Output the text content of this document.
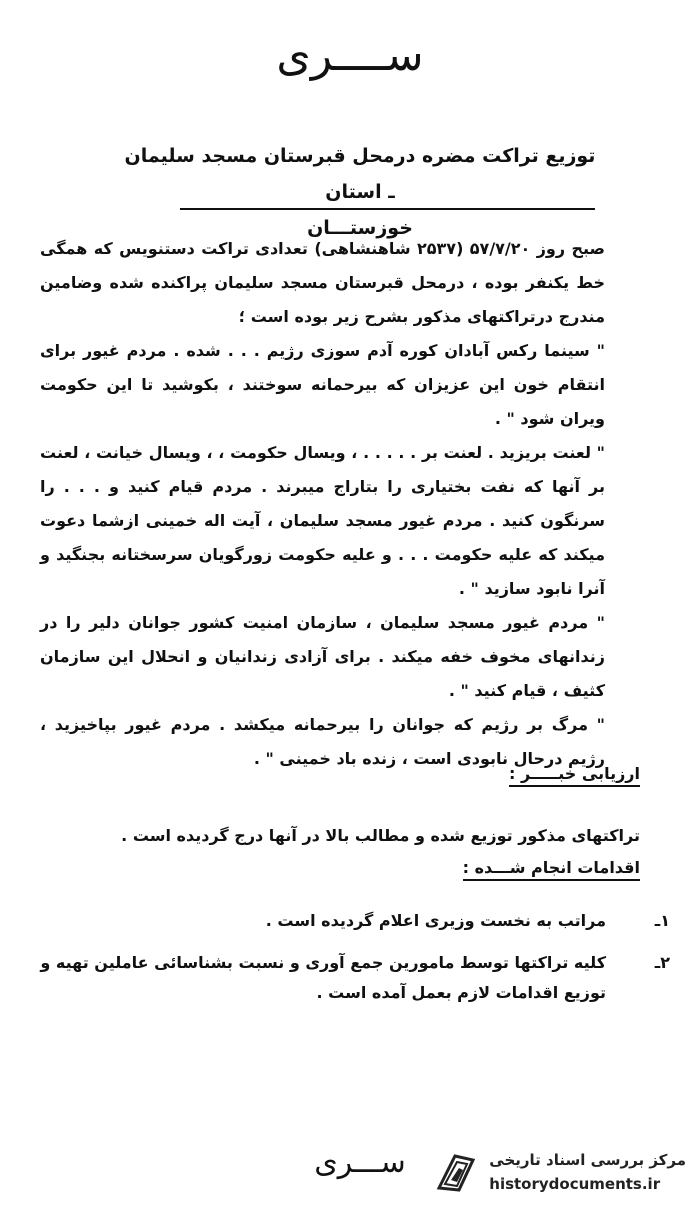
ســــری
توزیع تراکت مضره درمحل قبرستان مسجد سلیمان ـ استان
خوزستـــان

صبح روز ۵۷/۷/۲۰ (۲۵۳۷ شاهنشاهی) تعدادی تراکت دستنویس که همگی خط یکنفر بوده ، درمحل قبرستان مسجد سلیمان پراکنده شده وضامین مندرج درتراکتهای مذکور بشرح زیر بوده است ؛

" سینما رکس آبادان کوره آدم سوزی رژیم . . . شده . مردم غیور برای انتقام خون این عزیزان که بیرحمانه سوختند ، بکوشید تا این حکومت ویران شود " .

" لعنت بریزید . لعنت بر . . . . . ، ویسال حکومت ، ، ویسال خیانت ، لعنت بر آنها که نفت بختیاری را بتاراج میبرند . مردم قیام کنید و . . . را سرنگون کنید . مردم غیور مسجد سلیمان ، آیت اله خمینی ازشما دعوت میکند که علیه حکومت . . . و علیه حکومت زورگویان سرسختانه بجنگید و آنرا نابود سازید " .

" مردم غیور مسجد سلیمان ، سازمان امنیت کشور جوانان دلیر را در زندانهای مخوف خفه میکند . برای آزادی زندانیان و انحلال این سازمان کثیف ، قیام کنید " .

" مرگ بر رژیم که جوانان را بیرحمانه میکشد . مردم غیور بپاخیزید ، رژیم درحال نابودی است ، زنده باد خمینی " .

ارزیابی خبـــــر :
تراکتهای مذکور توزیع شده و مطالب بالا در آنها درج گردیده است .
اقدامات انجام شـــده :
۱ـ
مراتب به نخست وزیری اعلام گردیده است .
۲ـ
کلیه تراکتها توسط مامورین جمع آوری و نسبت بشناسائی عاملین تهیه و توزیع اقدامات لازم بعمل آمده است .
ســـری	مرکز بررسی اسناد تاریخی
historydocuments.ir
